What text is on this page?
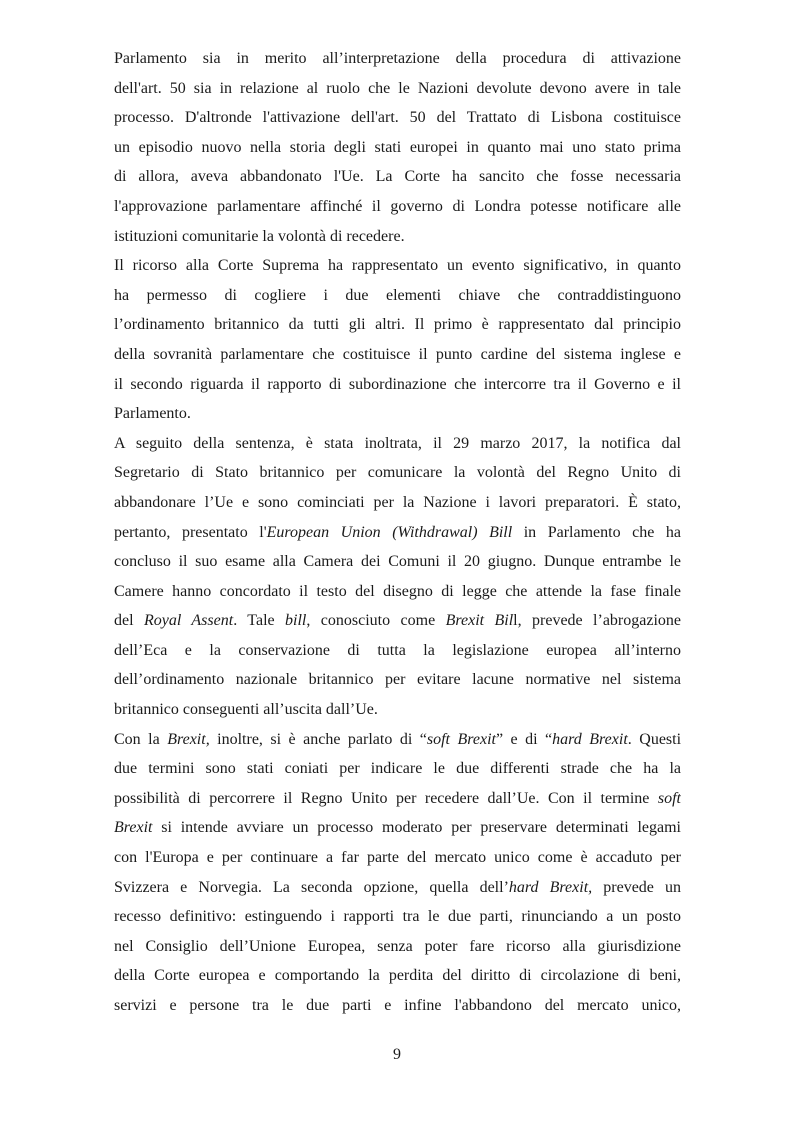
Parlamento sia in merito all’interpretazione della procedura di attivazione
dell'art. 50 sia in relazione al ruolo che le Nazioni devolute devono avere in tale
processo. D'altronde l'attivazione dell'art. 50 del Trattato di Lisbona costituisce
un episodio nuovo nella storia degli stati europei in quanto mai uno stato prima
di allora, aveva abbandonato l'Ue. La Corte ha sancito che fosse necessaria
l'approvazione parlamentare affinché il governo di Londra potesse notificare alle
istituzioni comunitarie la volontà di recedere.
Il ricorso alla Corte Suprema ha rappresentato un evento significativo, in quanto
ha permesso di cogliere i due elementi chiave che contraddistinguono
l’ordinamento britannico da tutti gli altri. Il primo è rappresentato dal principio
della sovranità parlamentare che costituisce il punto cardine del sistema inglese e
il secondo riguarda il rapporto di subordinazione che intercorre tra il Governo e il
Parlamento.
A seguito della sentenza, è stata inoltrata, il 29 marzo 2017, la notifica dal
Segretario di Stato britannico per comunicare la volontà del Regno Unito di
abbandonare l’Ue e sono cominciati per la Nazione i lavori preparatori. È stato,
pertanto, presentato l'European Union (Withdrawal) Bill in Parlamento che ha
concluso il suo esame alla Camera dei Comuni il 20 giugno. Dunque entrambe le
Camere hanno concordato il testo del disegno di legge che attende la fase finale
del Royal Assent. Tale bill, conosciuto come Brexit Bill, prevede l’abrogazione
dell’Eca e la conservazione di tutta la legislazione europea all’interno
dell’ordinamento nazionale britannico per evitare lacune normative nel sistema
britannico conseguenti all’uscita dall’Ue.
Con la Brexit, inoltre, si è anche parlato di “soft Brexit” e di “hard Brexit. Questi
due termini sono stati coniati per indicare le due differenti strade che ha la
possibilità di percorrere il Regno Unito per recedere dall’Ue. Con il termine soft
Brexit si intende avviare un processo moderato per preservare determinati legami
con l'Europa e per continuare a far parte del mercato unico come è accaduto per
Svizzera e Norvegia. La seconda opzione, quella dell’hard Brexit, prevede un
recesso definitivo: estinguendo i rapporti tra le due parti, rinunciando a un posto
nel Consiglio dell’Unione Europea, senza poter fare ricorso alla giurisdizione
della Corte europea e comportando la perdita del diritto di circolazione di beni,
servizi e persone tra le due parti e infine l'abbandono del mercato unico,
9
